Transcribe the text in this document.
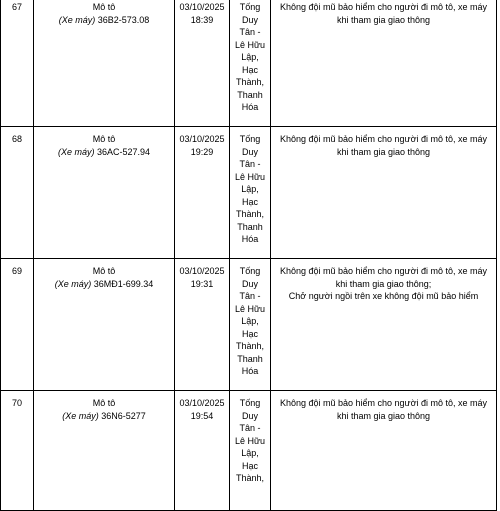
67	Mô tô
(Xe máy) 36B2-573.08	03/10/2025
18:39	Tống Duy Tân - Lê Hữu Lập, Hạc Thành, Thanh Hóa	Không đội mũ bảo hiểm cho người đi mô tô, xe máy khi tham gia giao thông

68	Mô tô
(Xe máy) 36AC-527.94	03/10/2025
19:29	Tống Duy Tân - Lê Hữu Lập, Hạc Thành, Thanh Hóa	Không đội mũ bảo hiểm cho người đi mô tô, xe máy khi tham gia giao thông

69	Mô tô
(Xe máy) 36MĐ1-699.34	03/10/2025
19:31	Tống Duy Tân - Lê Hữu Lập, Hạc Thành, Thanh Hóa	Không đội mũ bảo hiểm cho người đi mô tô, xe máy khi tham gia giao thông;
Chở người ngồi trên xe không đội mũ bảo hiểm

70	Mô tô
(Xe máy) 36N6-5277	03/10/2025
19:54	Tống Duy Tân - Lê Hữu Lập, Hạc Thành,	Không đội mũ bảo hiểm cho người đi mô tô, xe máy khi tham gia giao thông
